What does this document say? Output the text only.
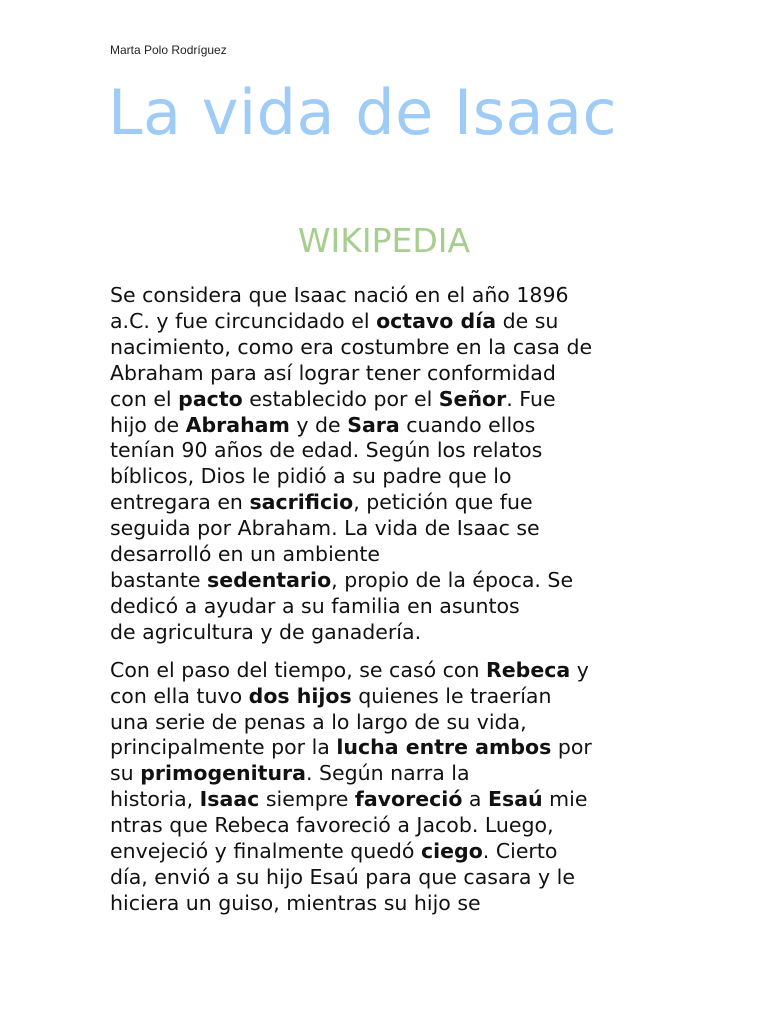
Marta Polo Rodríguez
La vida de Isaac
WIKIPEDIA

Se considera que Isaac nació en el año 1896
a.C. y fue circuncidado el octavo día de su
nacimiento, como era costumbre en la casa de
Abraham para así lograr tener conformidad
con el pacto establecido por el Señor. Fue
hijo de Abraham y de Sara cuando ellos
tenían 90 años de edad. Según los relatos
bíblicos, Dios le pidió a su padre que lo
entregara en sacrificio, petición que fue
seguida por Abraham. La vida de Isaac se
desarrolló en un ambiente
bastante sedentario, propio de la época. Se
dedicó a ayudar a su familia en asuntos
de agricultura y de ganadería.

Con el paso del tiempo, se casó con Rebeca y
con ella tuvo dos hijos quienes le traerían
una serie de penas a lo largo de su vida,
principalmente por la lucha entre ambos por
su primogenitura. Según narra la
historia, Isaac siempre favoreció a Esaú mie
ntras que Rebeca favoreció a Jacob. Luego,
envejeció y finalmente quedó ciego. Cierto
día, envió a su hijo Esaú para que casara y le
hiciera un guiso, mientras su hijo se
